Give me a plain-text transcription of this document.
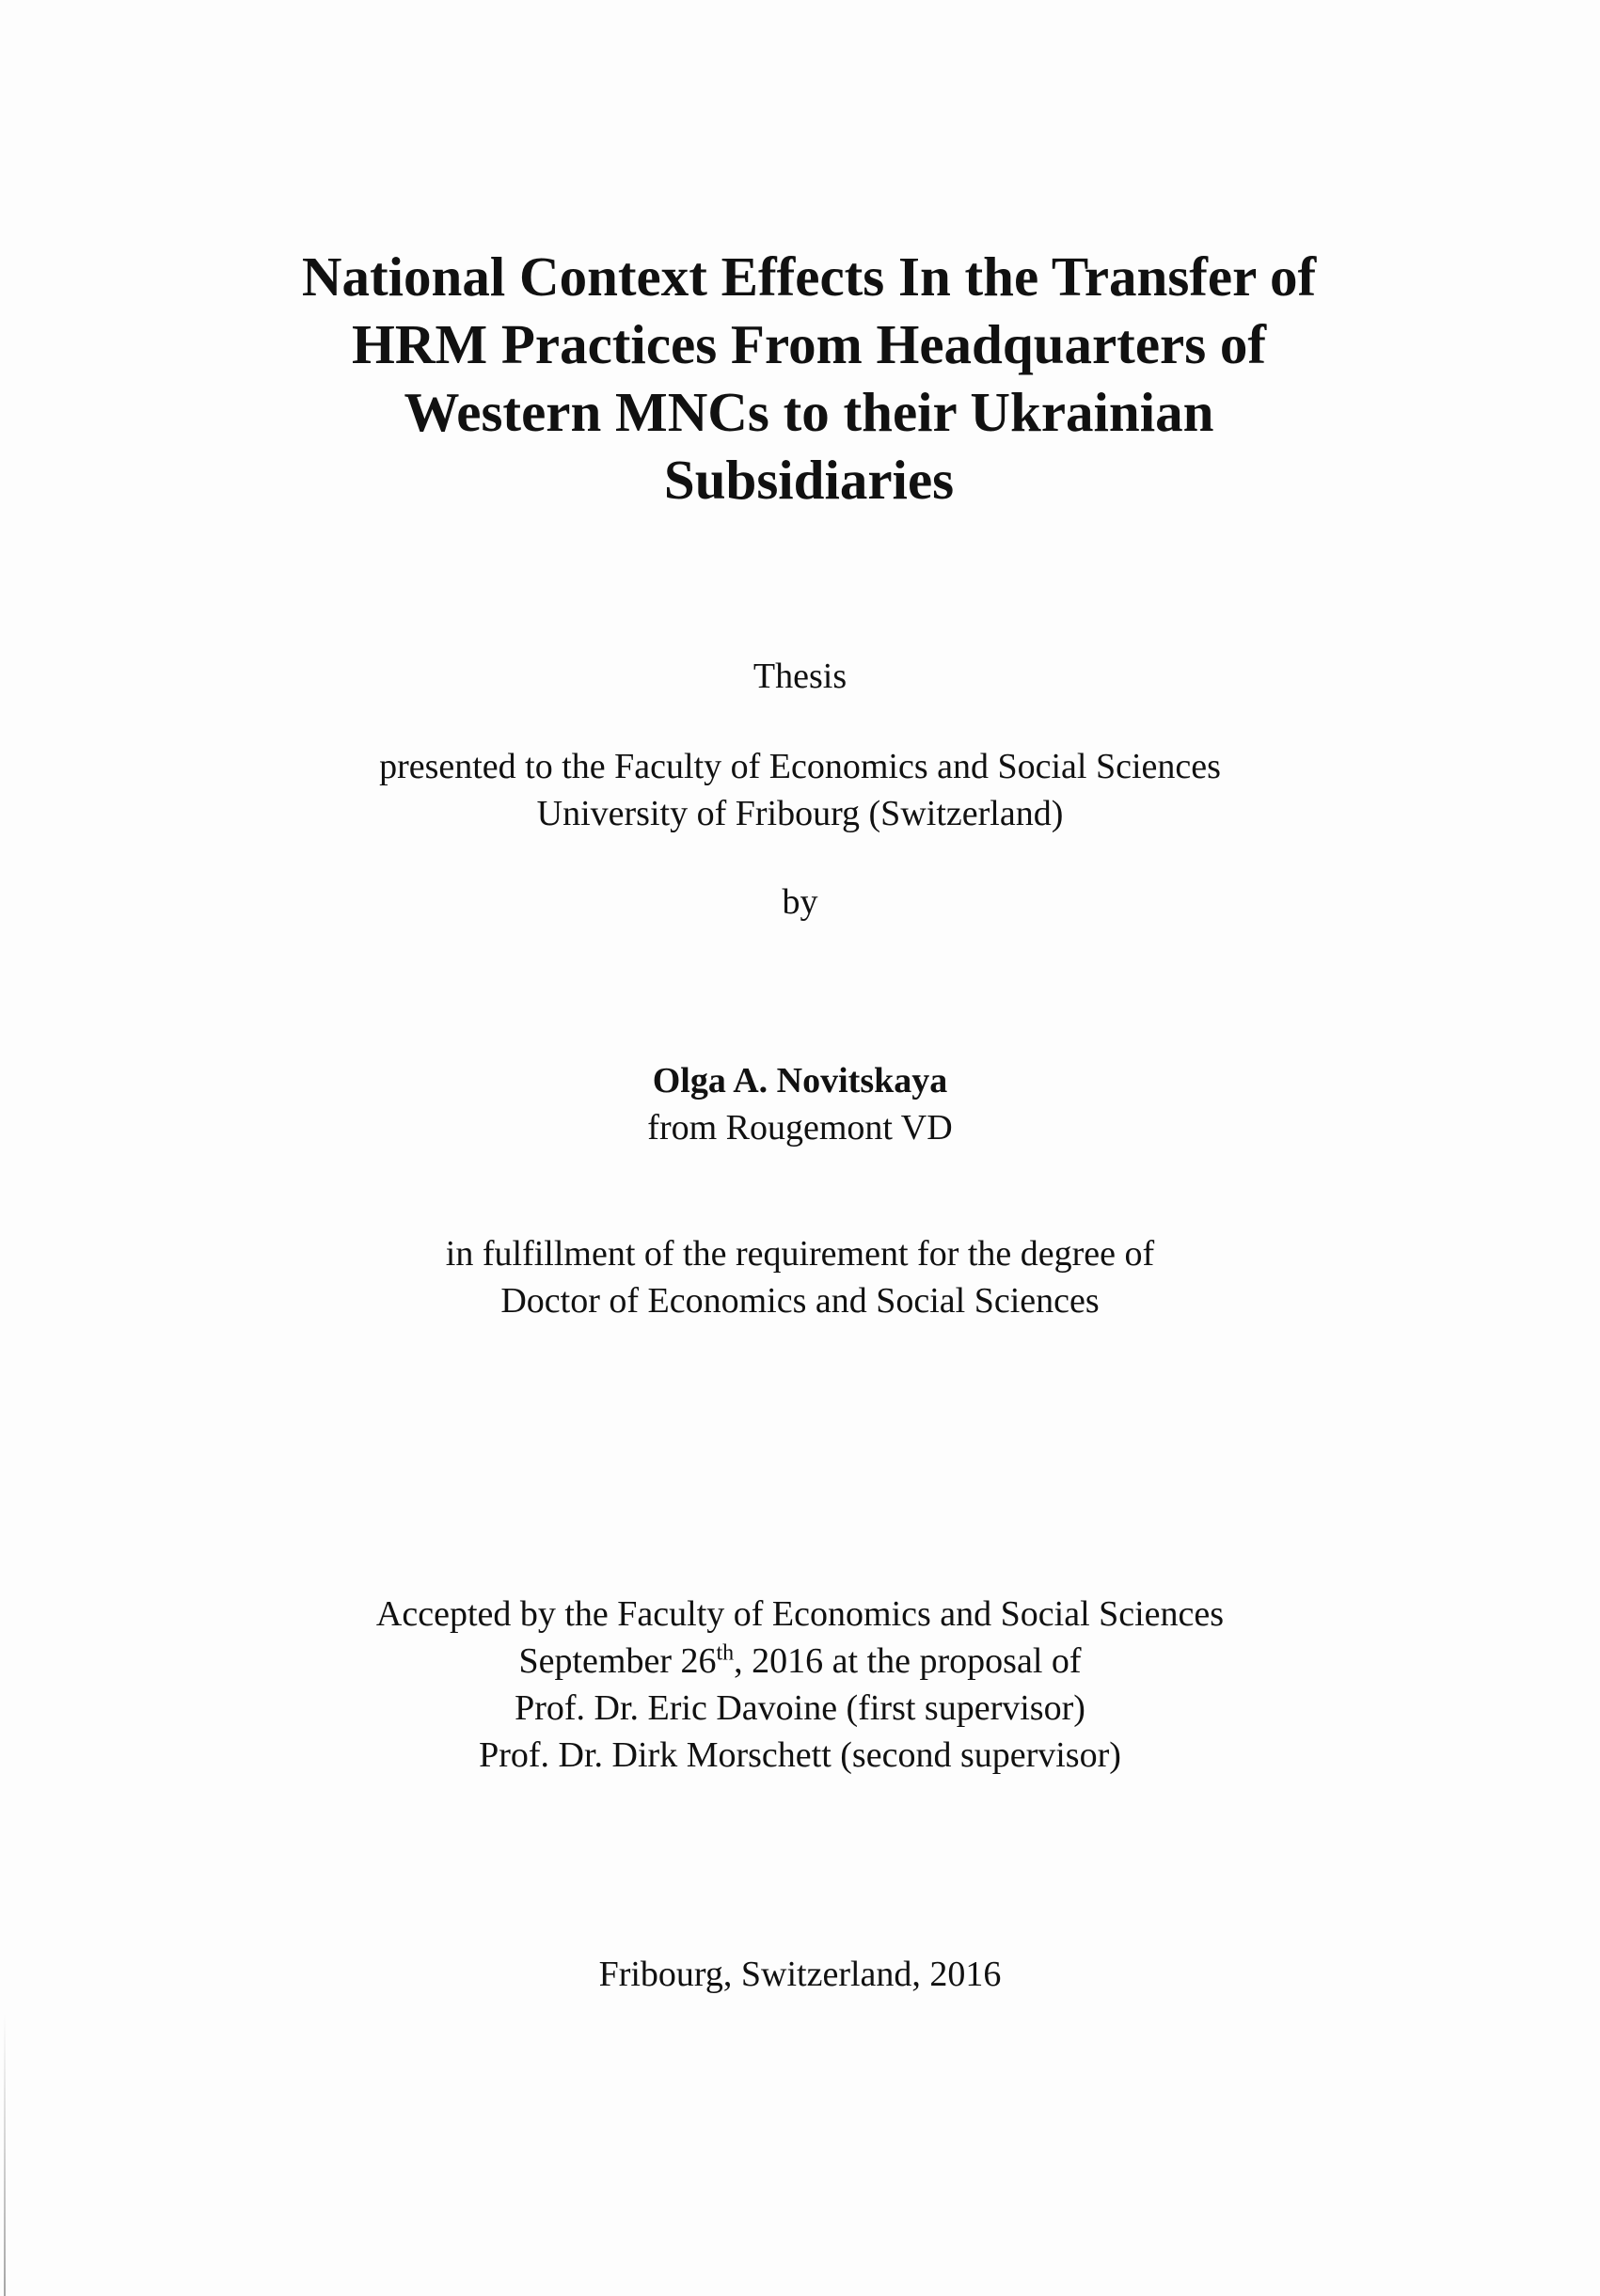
National Context Effects In the Transfer of
HRM Practices From Headquarters of
Western MNCs to their Ukrainian
Subsidiaries
Thesis
presented to the Faculty of Economics and Social Sciences
University of Fribourg (Switzerland)
by
Olga A. Novitskaya
from Rougemont VD
in fulfillment of the requirement for the degree of
Doctor of Economics and Social Sciences
Accepted by the Faculty of Economics and Social Sciences
September 26th, 2016 at the proposal of
Prof. Dr. Eric Davoine (first supervisor)
Prof. Dr. Dirk Morschett (second supervisor)
Fribourg, Switzerland, 2016
